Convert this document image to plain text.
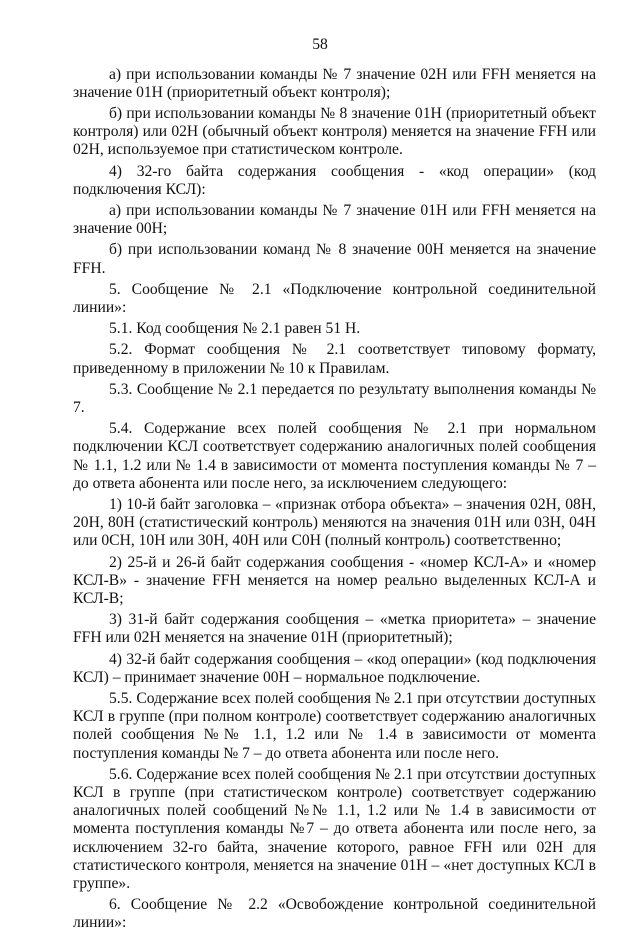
58

а) при использовании команды № 7 значение 02Н или FFH меняется на значение 01Н (приоритетный объект контроля);

б) при использовании команды № 8 значение 01Н (приоритетный объект контроля) или 02Н (обычный объект контроля) меняется на значение FFH или 02Н, используемое при статистическом контроле.

4) 32-го байта содержания сообщения - «код операции» (код подключения КСЛ):

а) при использовании команды № 7 значение 01Н или FFH меняется на значение 00Н;

б) при использовании команд № 8 значение 00Н меняется на значение FFH.

5. Сообщение № 2.1 «Подключение контрольной соединительной линии»:

5.1. Код сообщения № 2.1 равен 51 Н.

5.2. Формат сообщения № 2.1 соответствует типовому формату, приведенному в приложении № 10 к Правилам.

5.3. Сообщение № 2.1 передается по результату выполнения команды № 7.

5.4. Содержание всех полей сообщения № 2.1 при нормальном подключении КСЛ соответствует содержанию аналогичных полей сообщения № 1.1, 1.2 или № 1.4 в зависимости от момента поступления команды № 7 – до ответа абонента или после него, за исключением следующего:

1) 10-й байт заголовка – «признак отбора объекта» – значения 02Н, 08Н, 20Н, 80Н (статистический контроль) меняются на значения 01Н или 03Н, 04Н или 0СН, 10Н или 30Н, 40Н или С0Н (полный контроль) соответственно;

2) 25-й и 26-й байт содержания сообщения - «номер КСЛ-А» и «номер КСЛ-В» - значение FFH меняется на номер реально выделенных КСЛ-А и КСЛ-В;

3) 31-й байт содержания сообщения – «метка приоритета» – значение FFH или 02Н меняется на значение 01Н (приоритетный);

4) 32-й байт содержания сообщения – «код операции» (код подключения КСЛ) – принимает значение 00Н – нормальное подключение.

5.5. Содержание всех полей сообщения № 2.1 при отсутствии доступных КСЛ в группе (при полном контроле) соответствует содержанию аналогичных полей сообщения №№ 1.1, 1.2 или № 1.4 в зависимости от момента поступления команды № 7 – до ответа абонента или после него.

5.6. Содержание всех полей сообщения № 2.1 при отсутствии доступных КСЛ в группе (при статистическом контроле) соответствует содержанию аналогичных полей сообщений №№ 1.1, 1.2 или № 1.4 в зависимости от момента поступления команды №7 – до ответа абонента или после него, за исключением 32-го байта, значение которого, равное FFH или 02Н для статистического контроля, меняется на значение 01Н – «нет доступных КСЛ в группе».

6. Сообщение № 2.2 «Освобождение контрольной соединительной линии»:
